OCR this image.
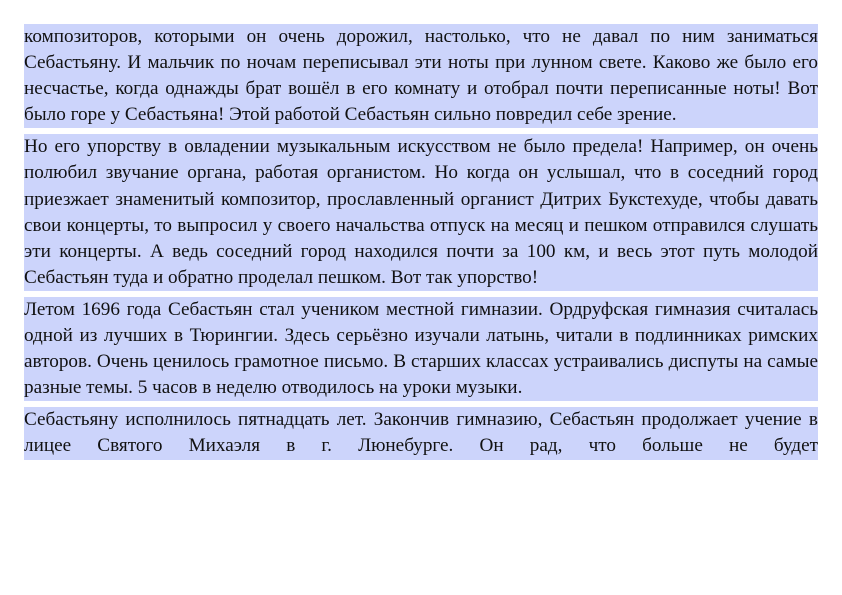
композиторов, которыми он очень дорожил, настолько, что не давал по ним заниматься Себастьяну. И мальчик по ночам переписывал эти ноты при лунном свете. Каково же было его несчастье, когда однажды брат вошёл в его комнату и отобрал почти переписанные ноты! Вот было горе у Себастьяна! Этой работой Себастьян сильно повредил себе зрение.

Но его упорству в овладении музыкальным искусством не было предела! Например, он очень полюбил звучание органа, работая органистом. Но когда он услышал, что в соседний город приезжает знаменитый композитор, прославленный органист Дитрих Букстехуде, чтобы давать свои концерты, то выпросил у своего начальства отпуск на месяц и пешком отправился слушать эти концерты. А ведь соседний город находился почти за 100 км, и весь этот путь молодой Себастьян туда и обратно проделал пешком. Вот так упорство!

Летом 1696 года Себастьян стал учеником местной гимназии. Ордруфская гимназия считалась одной из лучших в Тюрингии. Здесь серьёзно изучали латынь, читали в подлинниках римских авторов. Очень ценилось грамотное письмо. В старших классах устраивались диспуты на самые разные темы. 5 часов в неделю отводилось на уроки музыки.

Себастьяну исполнилось пятнадцать лет. Закончив гимназию, Себастьян продолжает учение в лицее Святого Михаэля в г. Люнебурге. Он рад, что больше не будет
